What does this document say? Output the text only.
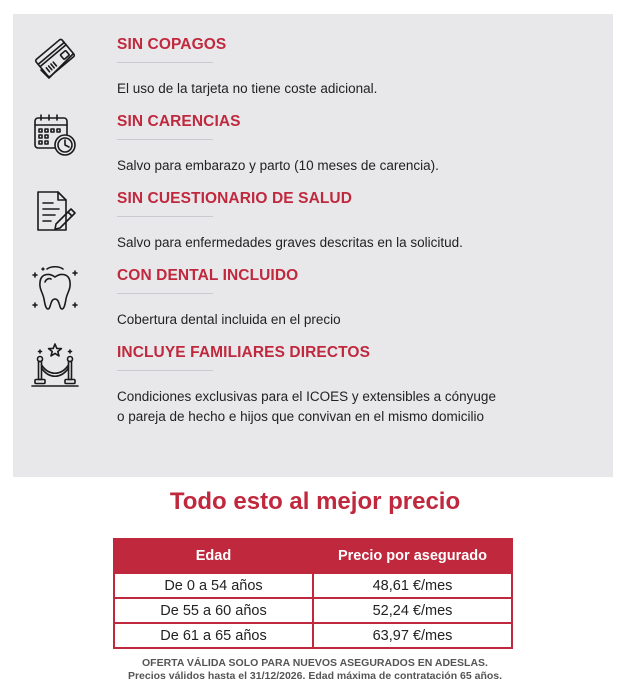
SIN COPAGOS
El uso de la tarjeta no tiene coste adicional.
SIN CARENCIAS
Salvo para embarazo y parto (10 meses de carencia).
SIN CUESTIONARIO DE SALUD
Salvo para enfermedades graves descritas en la solicitud.
CON DENTAL INCLUIDO
Cobertura dental incluida en el precio
INCLUYE FAMILIARES DIRECTOS
Condiciones exclusivas para el ICOES y extensibles a cónyuge o pareja de hecho e hijos que convivan en el mismo domicilio
Todo esto al mejor precio
Edad	Precio por asegurado
De 0 a 54 años	48,61 €/mes
De 55 a 60 años	52,24 €/mes
De 61 a 65 años	63,97 €/mes
OFERTA VÁLIDA SOLO PARA NUEVOS ASEGURADOS EN ADESLAS.
Precios válidos hasta el 31/12/2026. Edad máxima de contratación 65 años.
